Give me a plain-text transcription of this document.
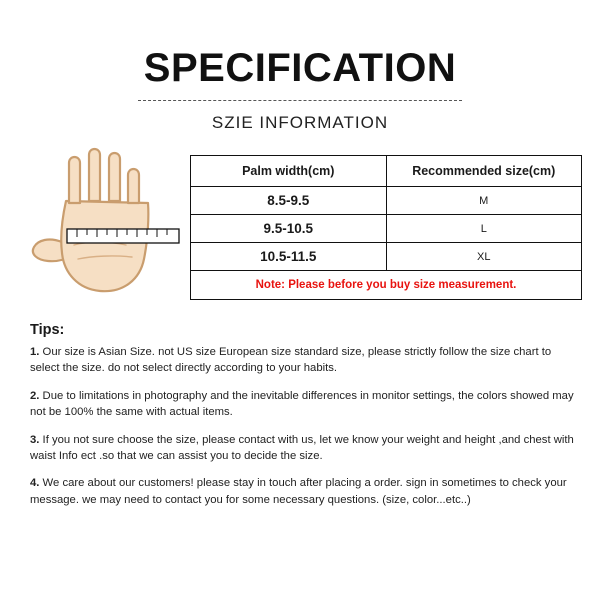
SPECIFICATION
SZIE INFORMATION
Palm width(cm)	Recommended size(cm)
8.5-9.5	M
9.5-10.5	L
10.5-11.5	XL
Note: Please before you buy size measurement.	
Tips:
1. Our size is Asian Size. not US size European size standard size, please strictly follow the size chart to select the size. do not select directly according to your habits.
2. Due to limitations in photography and the inevitable differences in monitor settings, the colors showed may not be 100% the same with actual items.
3. If you not sure choose the size, please contact with us, let we know your weight and height ,and chest with waist Info ect .so that we can assist you to decide the size.
4. We care about our customers! please stay in touch after placing a order. sign in sometimes to check your message. we may need to contact you for some necessary questions. (size, color...etc..)
